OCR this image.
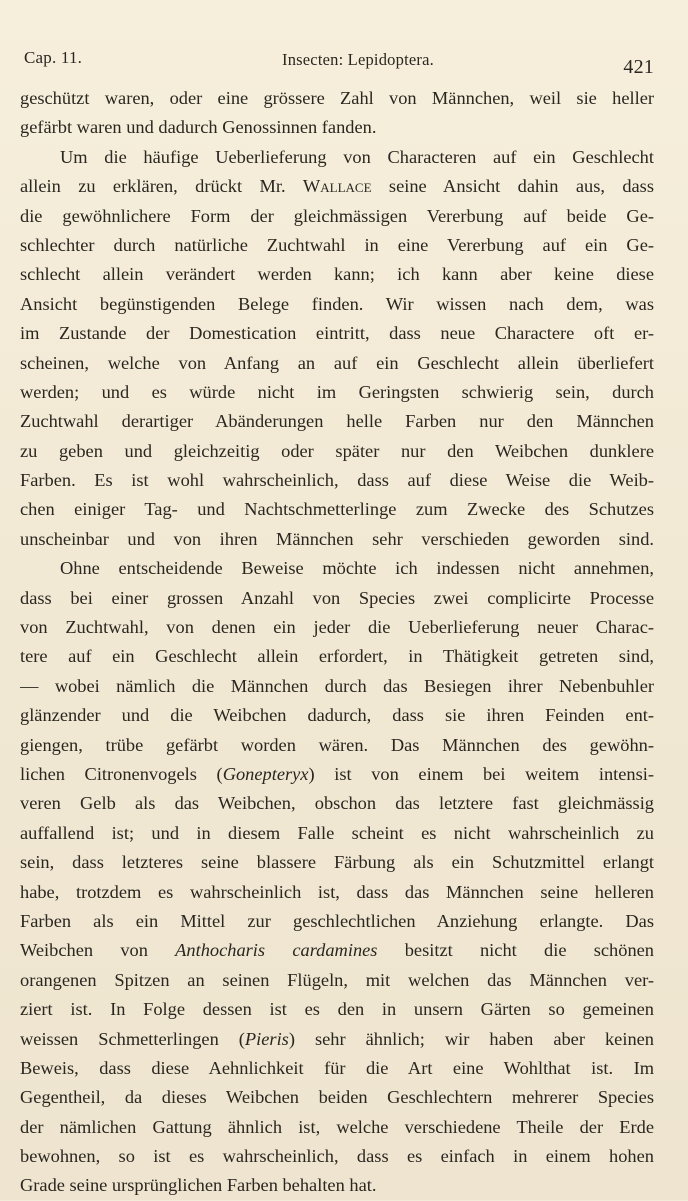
Cap. 11.	Insecten: Lepidoptera.	421
geschützt waren, oder eine grössere Zahl von Männchen, weil sie heller
gefärbt waren und dadurch Genossinnen fanden.
Um die häufige Ueberlieferung von Characteren auf ein Geschlecht
allein zu erklären, drückt Mr. Wallace seine Ansicht dahin aus, dass
die gewöhnlichere Form der gleichmässigen Vererbung auf beide Ge-
schlechter durch natürliche Zuchtwahl in eine Vererbung auf ein Ge-
schlecht allein verändert werden kann; ich kann aber keine diese
Ansicht begünstigenden Belege finden. Wir wissen nach dem, was
im Zustande der Domestication eintritt, dass neue Charactere oft er-
scheinen, welche von Anfang an auf ein Geschlecht allein überliefert
werden; und es würde nicht im Geringsten schwierig sein, durch
Zuchtwahl derartiger Abänderungen helle Farben nur den Männchen
zu geben und gleichzeitig oder später nur den Weibchen dunklere
Farben. Es ist wohl wahrscheinlich, dass auf diese Weise die Weib-
chen einiger Tag- und Nachtschmetterlinge zum Zwecke des Schutzes
unscheinbar und von ihren Männchen sehr verschieden geworden sind.
Ohne entscheidende Beweise möchte ich indessen nicht annehmen,
dass bei einer grossen Anzahl von Species zwei complicirte Processe
von Zuchtwahl, von denen ein jeder die Ueberlieferung neuer Charac-
tere auf ein Geschlecht allein erfordert, in Thätigkeit getreten sind,
— wobei nämlich die Männchen durch das Besiegen ihrer Nebenbuhler
glänzender und die Weibchen dadurch, dass sie ihren Feinden ent-
giengen, trübe gefärbt worden wären. Das Männchen des gewöhn-
lichen Citronenvogels (Gonepteryx) ist von einem bei weitem intensi-
veren Gelb als das Weibchen, obschon das letztere fast gleichmässig
auffallend ist; und in diesem Falle scheint es nicht wahrscheinlich zu
sein, dass letzteres seine blassere Färbung als ein Schutzmittel erlangt
habe, trotzdem es wahrscheinlich ist, dass das Männchen seine helleren
Farben als ein Mittel zur geschlechtlichen Anziehung erlangte. Das
Weibchen von Anthocharis cardamines besitzt nicht die schönen
orangenen Spitzen an seinen Flügeln, mit welchen das Männchen ver-
ziert ist. In Folge dessen ist es den in unsern Gärten so gemeinen
weissen Schmetterlingen (Pieris) sehr ähnlich; wir haben aber keinen
Beweis, dass diese Aehnlichkeit für die Art eine Wohlthat ist. Im
Gegentheil, da dieses Weibchen beiden Geschlechtern mehrerer Species
der nämlichen Gattung ähnlich ist, welche verschiedene Theile der Erde
bewohnen, so ist es wahrscheinlich, dass es einfach in einem hohen
Grade seine ursprünglichen Farben behalten hat.
